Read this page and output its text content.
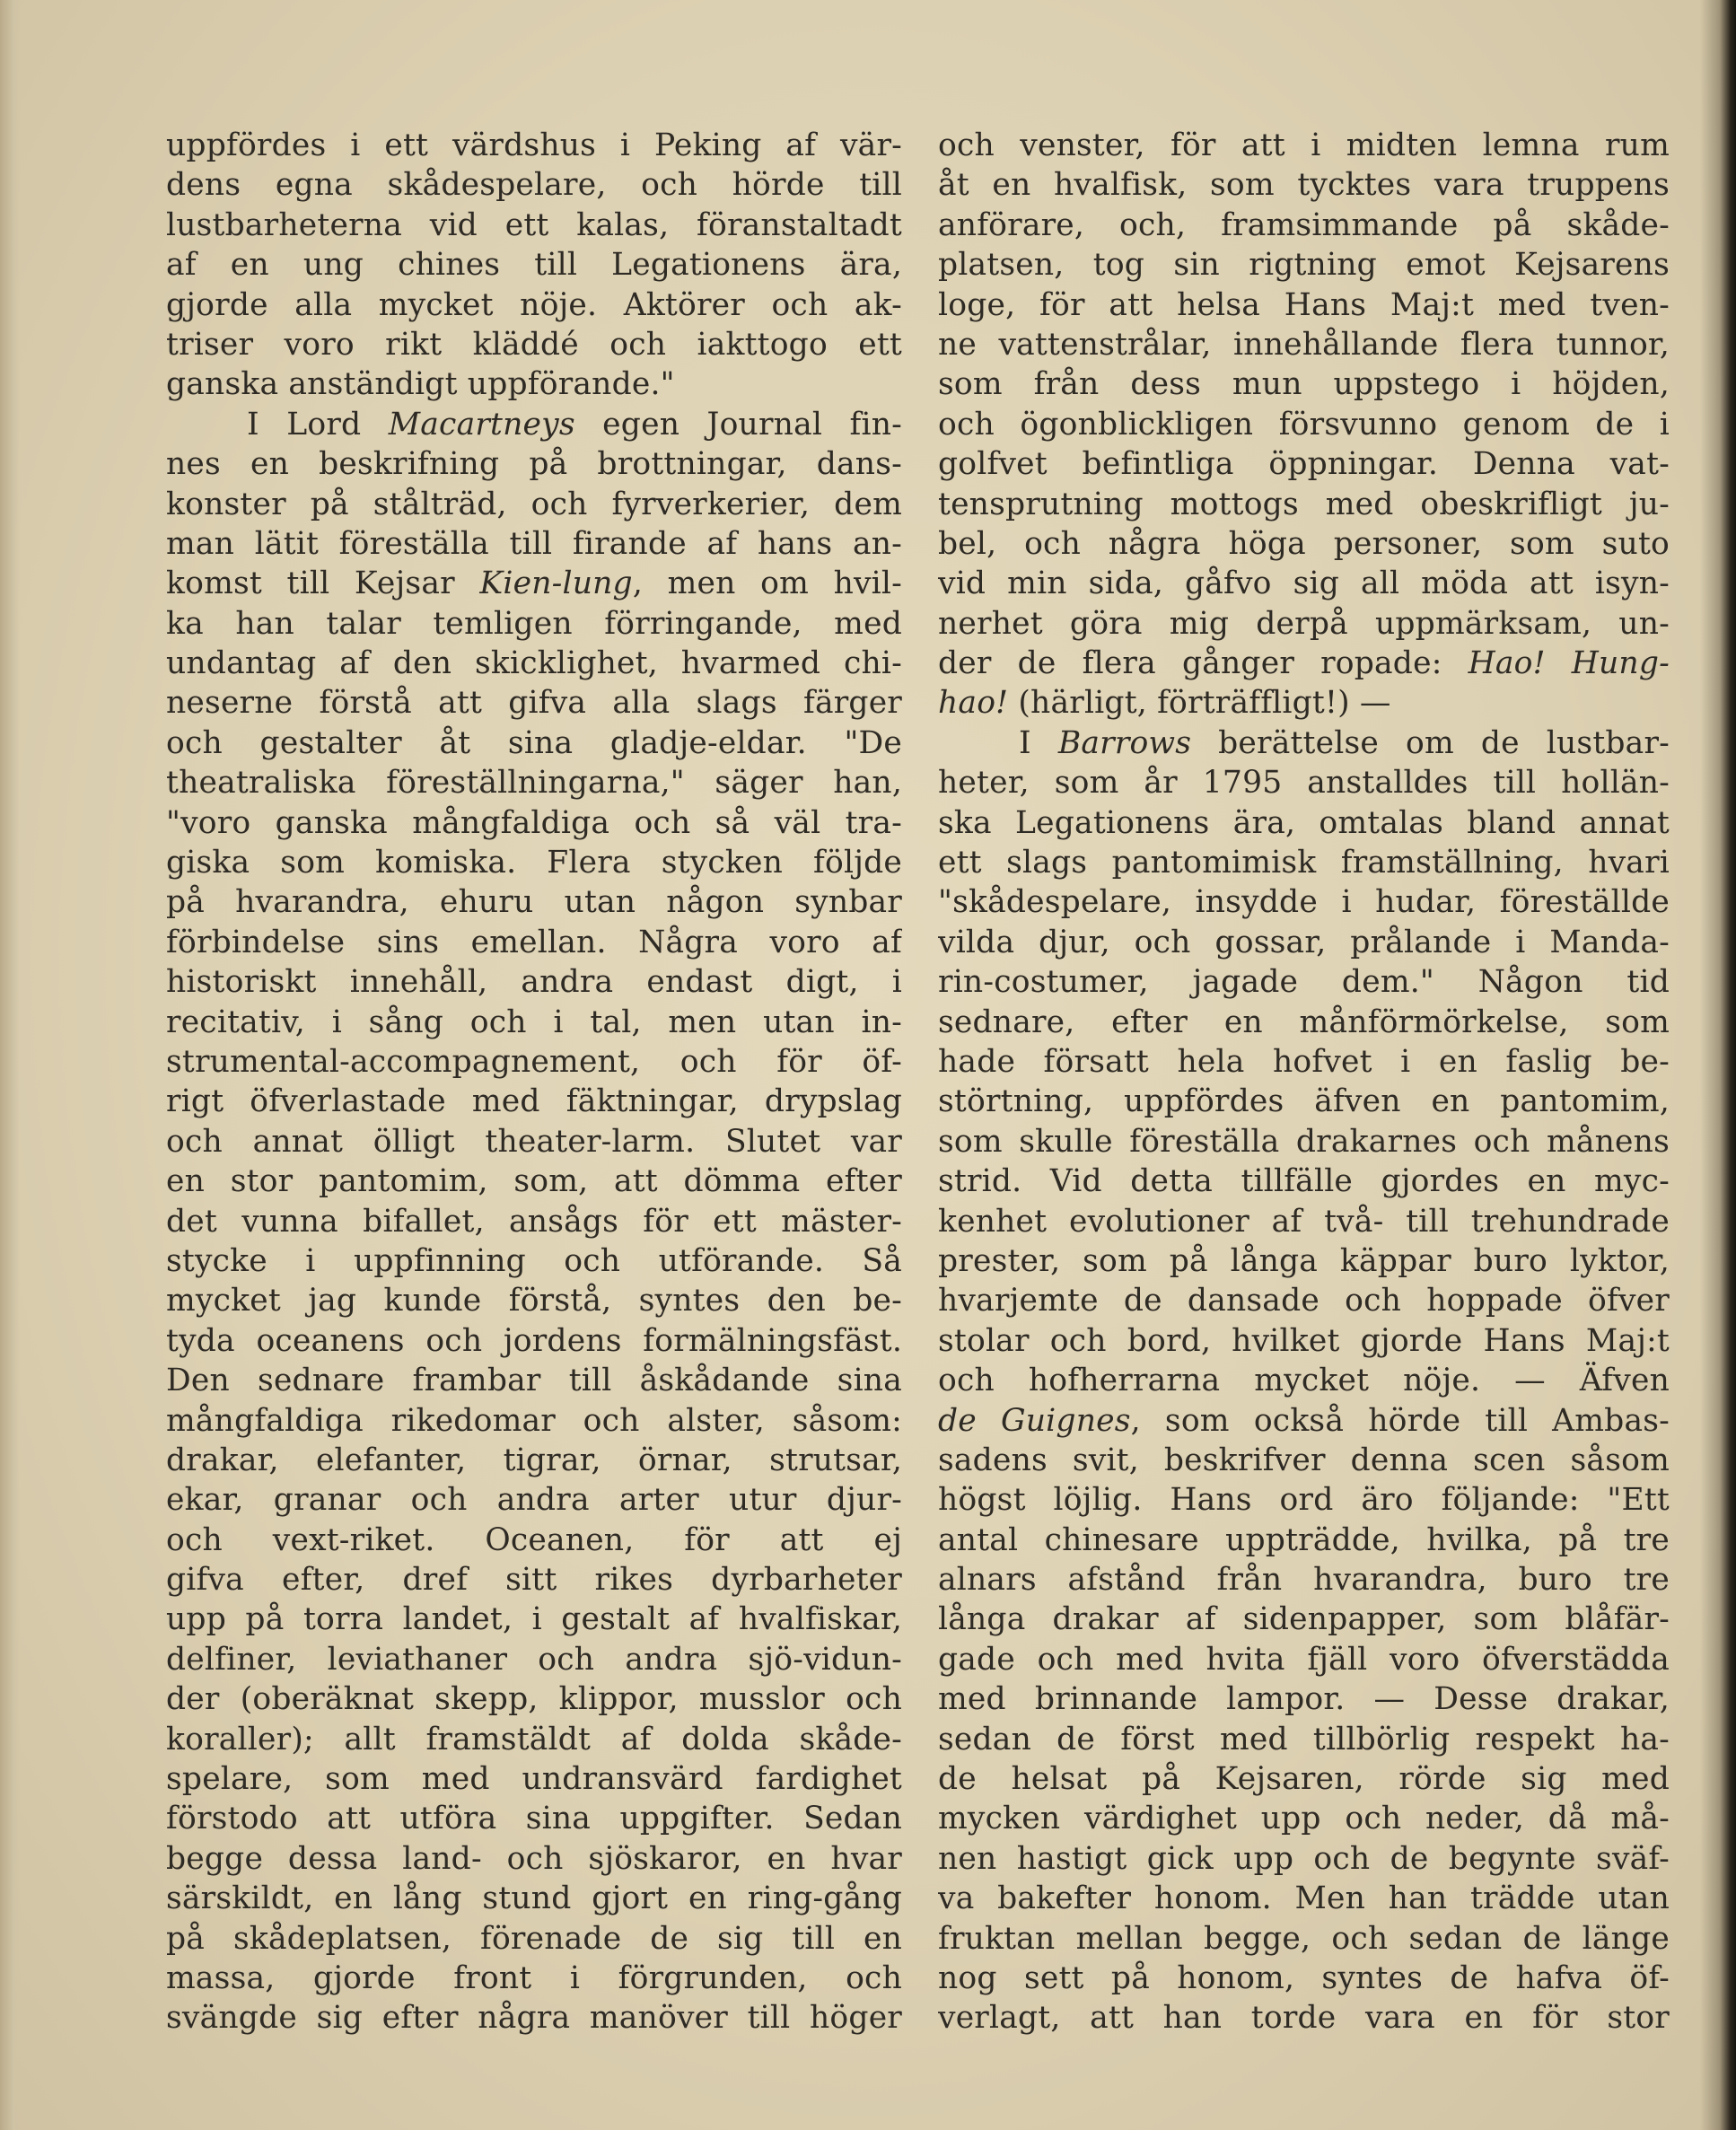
uppfördes i ett värdshus i Peking af vär-
dens egna skådespelare, och hörde till
lustbarheterna vid ett kalas, föranstaltadt
af en ung chines till Legationens ära,
gjorde alla mycket nöje. Aktörer och ak-
triser voro rikt kläddé och iakttogo ett
ganska anständigt uppförande."
I Lord Macartneys egen Journal fin-
nes en beskrifning på brottningar, dans-
konster på stålträd, och fyrverkerier, dem
man lätit föreställa till firande af hans an-
komst till Kejsar Kien-lung, men om hvil-
ka han talar temligen förringande, med
undantag af den skicklighet, hvarmed chi-
neserne förstå att gifva alla slags färger
och gestalter åt sina gladje-eldar. "De
theatraliska föreställningarna," säger han,
"voro ganska mångfaldiga och så väl tra-
giska som komiska. Flera stycken följde
på hvarandra, ehuru utan någon synbar
förbindelse sins emellan. Några voro af
historiskt innehåll, andra endast digt, i
recitativ, i sång och i tal, men utan in-
strumental-accompagnement, och för öf-
rigt öfverlastade med fäktningar, drypslag
och annat ölligt theater-larm. Slutet var
en stor pantomim, som, att dömma efter
det vunna bifallet, ansågs för ett mäster-
stycke i uppfinning och utförande. Så
mycket jag kunde förstå, syntes den be-
tyda oceanens och jordens formälningsfäst.
Den sednare frambar till åskådande sina
mångfaldiga rikedomar och alster, såsom:
drakar, elefanter, tigrar, örnar, strutsar,
ekar, granar och andra arter utur djur-
och vext-riket. Oceanen, för att ej
gifva efter, dref sitt rikes dyrbarheter
upp på torra landet, i gestalt af hvalfiskar,
delfiner, leviathaner och andra sjö-vidun-
der (oberäknat skepp, klippor, musslor och
koraller); allt framstäldt af dolda skåde-
spelare, som med undransvärd fardighet
förstodo att utföra sina uppgifter. Sedan
begge dessa land- och sjöskaror, en hvar
särskildt, en lång stund gjort en ring-gång
på skådeplatsen, förenade de sig till en
massa, gjorde front i förgrunden, och
svängde sig efter några manöver till höger
och venster, för att i midten lemna rum
åt en hvalfisk, som tycktes vara truppens
anförare, och, framsimmande på skåde-
platsen, tog sin rigtning emot Kejsarens
loge, för att helsa Hans Maj:t med tven-
ne vattenstrålar, innehållande flera tunnor,
som från dess mun uppstego i höjden,
och ögonblickligen försvunno genom de i
golfvet befintliga öppningar. Denna vat-
tensprutning mottogs med obeskrifligt ju-
bel, och några höga personer, som suto
vid min sida, gåfvo sig all möda att isyn-
nerhet göra mig derpå uppmärksam, un-
der de flera gånger ropade: Hao! Hung-
hao! (härligt, förträffligt!) —
I Barrows berättelse om de lustbar-
heter, som år 1795 anstalldes till hollän-
ska Legationens ära, omtalas bland annat
ett slags pantomimisk framställning, hvari
"skådespelare, insydde i hudar, föreställde
vilda djur, och gossar, prålande i Manda-
rin-costumer, jagade dem." Någon tid
sednare, efter en månförmörkelse, som
hade försatt hela hofvet i en faslig be-
störtning, uppfördes äfven en pantomim,
som skulle föreställa drakarnes och månens
strid. Vid detta tillfälle gjordes en myc-
kenhet evolutioner af två- till trehundrade
prester, som på långa käppar buro lyktor,
hvarjemte de dansade och hoppade öfver
stolar och bord, hvilket gjorde Hans Maj:t
och hofherrarna mycket nöje. — Äfven
de Guignes, som också hörde till Ambas-
sadens svit, beskrifver denna scen såsom
högst löjlig. Hans ord äro följande: "Ett
antal chinesare uppträdde, hvilka, på tre
alnars afstånd från hvarandra, buro tre
långa drakar af sidenpapper, som blåfär-
gade och med hvita fjäll voro öfverstädda
med brinnande lampor. — Desse drakar,
sedan de först med tillbörlig respekt ha-
de helsat på Kejsaren, rörde sig med
mycken värdighet upp och neder, då må-
nen hastigt gick upp och de begynte sväf-
va bakefter honom. Men han trädde utan
fruktan mellan begge, och sedan de länge
nog sett på honom, syntes de hafva öf-
verlagt, att han torde vara en för stor
